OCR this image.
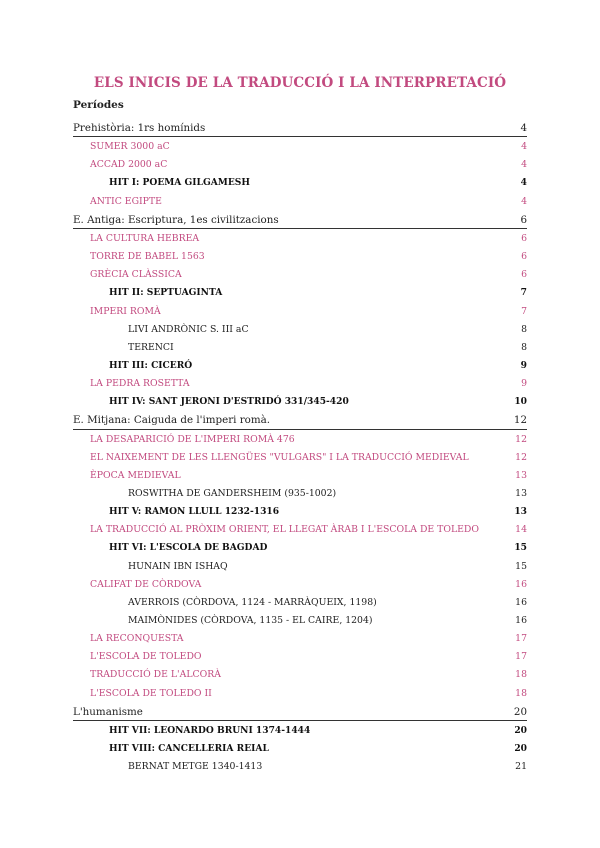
ELS INICIS DE LA TRADUCCIÓ I LA INTERPRETACIÓ
Períodes
Prehistòria: 1rs homínids	4
SUMER 3000 aC	4
ACCAD 2000 aC	4
HIT I: POEMA GILGAMESH	4
ANTIC EGIPTE	4
E. Antiga: Escriptura, 1es civilitzacions	6
LA CULTURA HEBREA	6
TORRE DE BABEL 1563	6
GRÈCIA CLÀSSICA	6
HIT II: SEPTUAGINTA	7
IMPERI ROMÀ	7
LIVI ANDRÒNIC S. III aC	8
TERENCI	8
HIT III: CICERÓ	9
LA PEDRA ROSETTA	9
HIT IV: SANT JERONI D'ESTRIDÓ 331/345-420	10
E. Mitjana: Caiguda de l'imperi romà.	12
LA DESAPARICIÓ DE L'IMPERI ROMÀ 476	12
EL NAIXEMENT DE LES LLENGÜES "VULGARS" I LA TRADUCCIÓ MEDIEVAL	12
ÈPOCA MEDIEVAL	13
ROSWITHA DE GANDERSHEIM (935-1002)	13
HIT V: RAMON LLULL 1232-1316	13
LA TRADUCCIÓ AL PRÒXIM ORIENT, EL LLEGAT ÀRAB I L'ESCOLA DE TOLEDO	14
HIT VI: L'ESCOLA DE BAGDAD	15
HUNAIN IBN ISHAQ	15
CALIFAT DE CÒRDOVA	16
AVERROIS (CÒRDOVA, 1124 - MARRÀQUEIX, 1198)	16
MAIMÒNIDES (CÒRDOVA, 1135 - EL CAIRE, 1204)	16
LA RECONQUESTA	17
L'ESCOLA DE TOLEDO	17
TRADUCCIÓ DE L'ALCORÀ	18
L'ESCOLA DE TOLEDO II	18
L'humanisme	20
HIT VII: LEONARDO BRUNI 1374-1444	20
HIT VIII: CANCELLERIA REIAL	20
BERNAT METGE 1340-1413	21
